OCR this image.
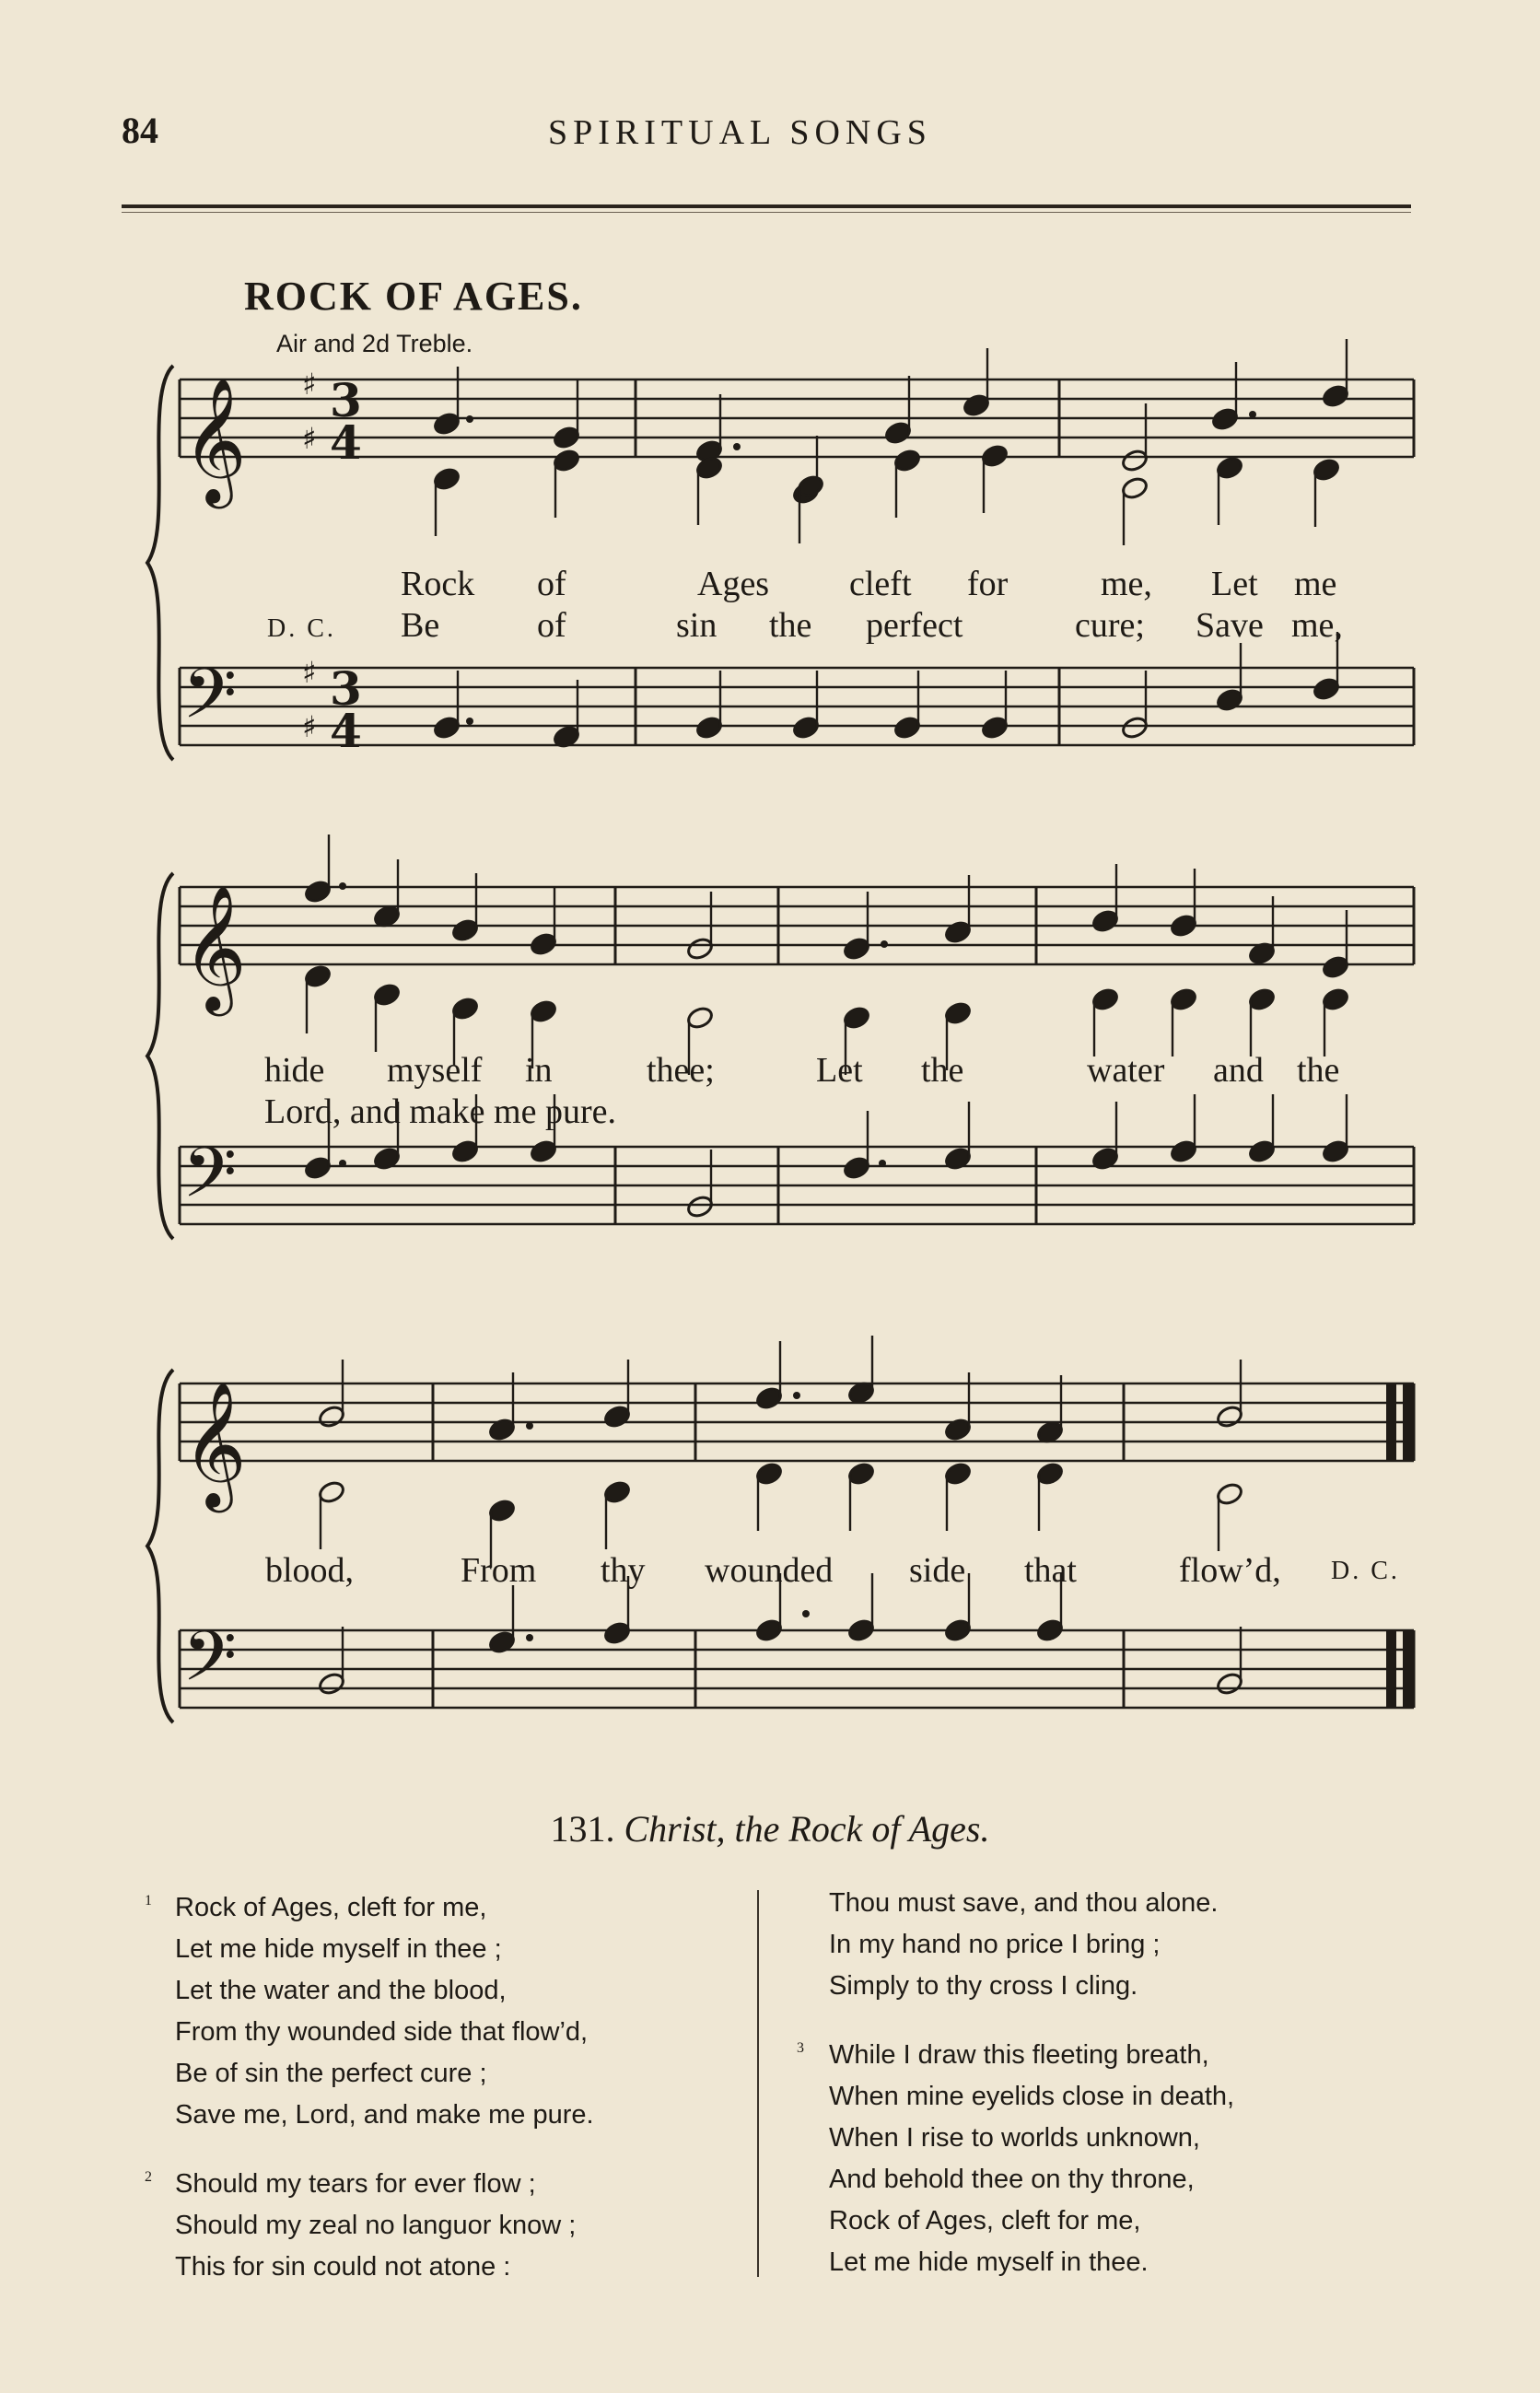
84	SPIRITUAL SONGS
ROCK OF AGES.
Air and 2d Treble.
𝄞
𝄢
3
4
♯
♯
3
4
♯
♯
𝄞
𝄢
𝄞
𝄢
Rock of	Ages cleft for	me, Let me
Be	of	sin the perfect	cure; Save me,
D. C.
hide myself in	thee;	Let the	water and the
Lord, and make me pure.
blood,	From thy wounded side that	flow’d, D. C.
131. Christ, the Rock of Ages.
1 Rock of Ages, cleft for me,
Let me hide myself in thee ;
Let the water and the blood,
From thy wounded side that flow’d,
Be of sin the perfect cure ;
Save me, Lord, and make me pure.
2 Should my tears for ever flow ;
Should my zeal no languor know ;
This for sin could not atone :
Thou must save, and thou alone.
In my hand no price I bring ;
Simply to thy cross I cling.
3 While I draw this fleeting breath,
When mine eyelids close in death,
When I rise to worlds unknown,
And behold thee on thy throne,
Rock of Ages, cleft for me,
Let me hide myself in thee.
